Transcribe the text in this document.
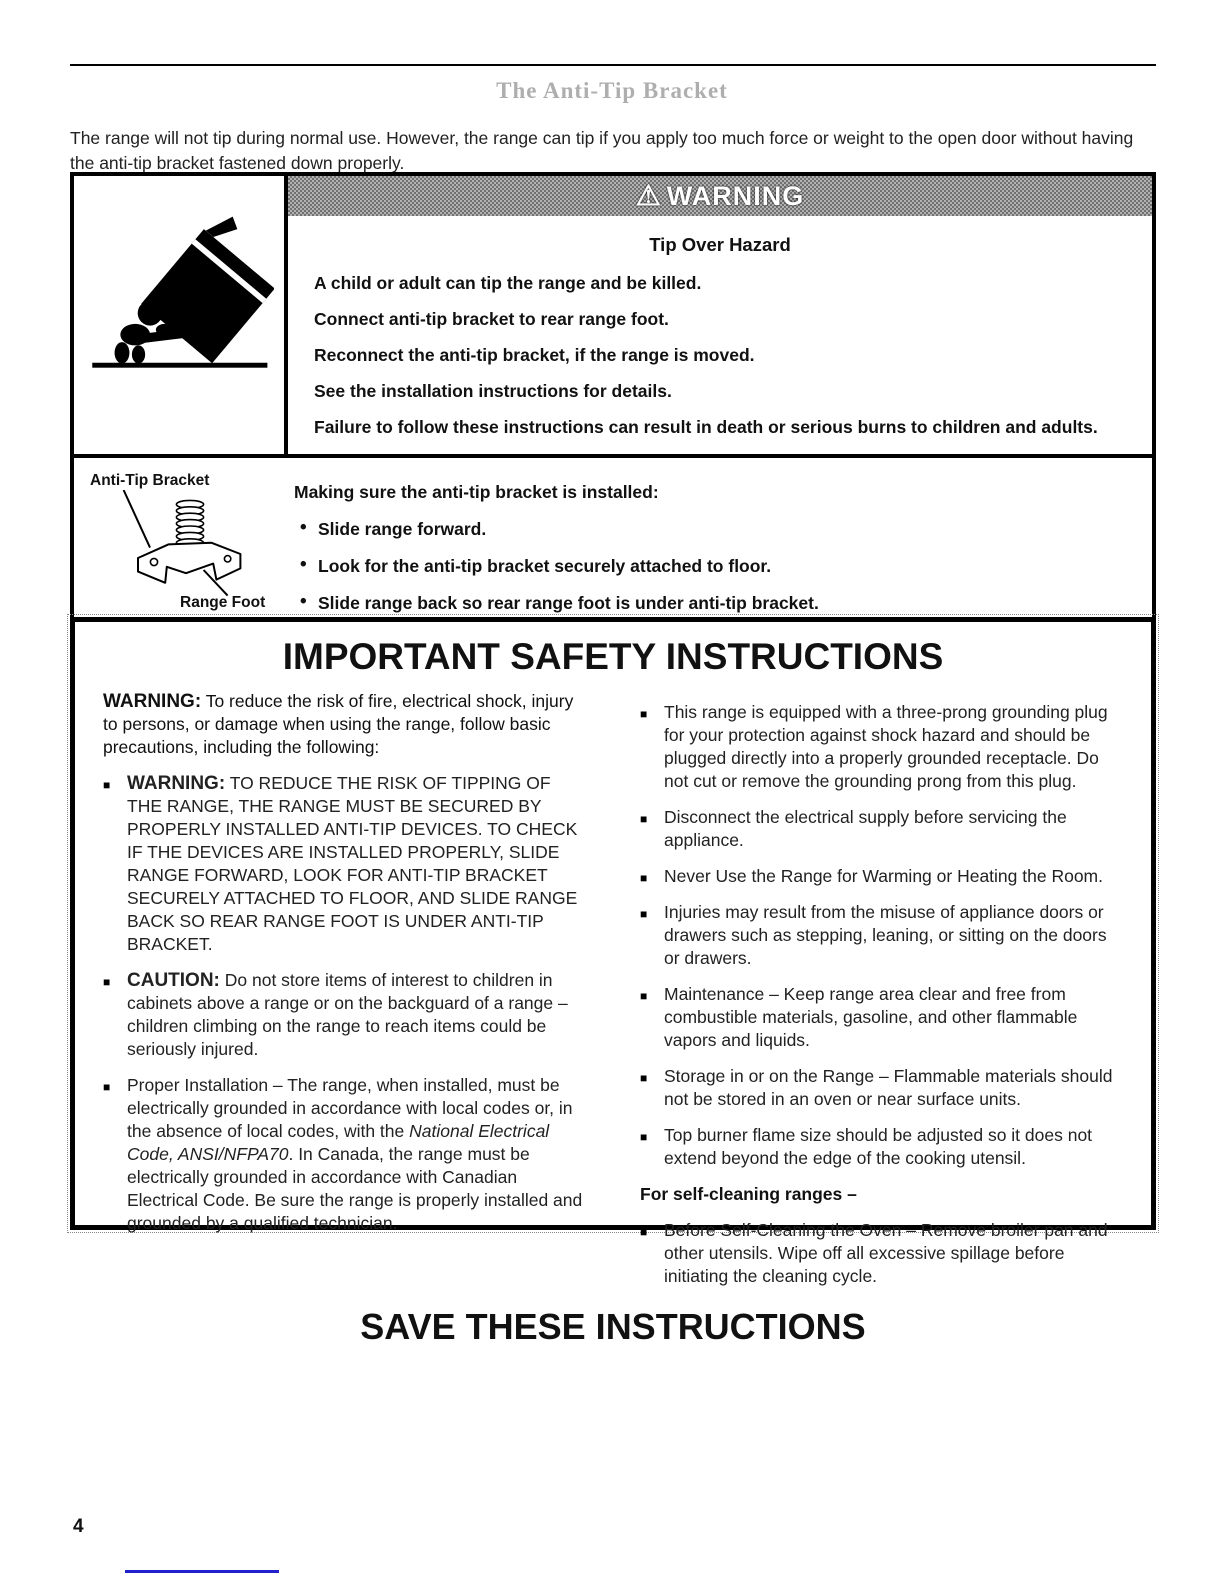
The Anti-Tip Bracket

The range will not tip during normal use. However, the range can tip if you apply too much force or weight to the open door without having the anti-tip bracket fastened down properly.

⚠ WARNING
Tip Over Hazard

A child or adult can tip the range and be killed.

Connect anti-tip bracket to rear range foot.

Reconnect the anti-tip bracket, if the range is moved.

See the installation instructions for details.

Failure to follow these instructions can result in death or serious burns to children and adults.

Anti-Tip Bracket
Range Foot
Making sure the anti-tip bracket is installed:
• Slide range forward.
• Look for the anti-tip bracket securely attached to floor.
• Slide range back so rear range foot is under anti-tip bracket.
IMPORTANT SAFETY INSTRUCTIONS

WARNING: To reduce the risk of fire, electrical shock, injury to persons, or damage when using the range, follow basic precautions, including the following:

■ WARNING: TO REDUCE THE RISK OF TIPPING OF THE RANGE, THE RANGE MUST BE SECURED BY PROPERLY INSTALLED ANTI-TIP DEVICES. TO CHECK IF THE DEVICES ARE INSTALLED PROPERLY, SLIDE RANGE FORWARD, LOOK FOR ANTI-TIP BRACKET SECURELY ATTACHED TO FLOOR, AND SLIDE RANGE BACK SO REAR RANGE FOOT IS UNDER ANTI-TIP BRACKET.
■ CAUTION: Do not store items of interest to children in cabinets above a range or on the backguard of a range – children climbing on the range to reach items could be seriously injured.
■ Proper Installation – The range, when installed, must be electrically grounded in accordance with local codes or, in the absence of local codes, with the National Electrical Code, ANSI/NFPA70. In Canada, the range must be electrically grounded in accordance with Canadian Electrical Code. Be sure the range is properly installed and grounded by a qualified technician.
■ This range is equipped with a three-prong grounding plug for your protection against shock hazard and should be plugged directly into a properly grounded receptacle. Do not cut or remove the grounding prong from this plug.
■ Disconnect the electrical supply before servicing the appliance.
■ Never Use the Range for Warming or Heating the Room.
■ Injuries may result from the misuse of appliance doors or drawers such as stepping, leaning, or sitting on the doors or drawers.
■ Maintenance – Keep range area clear and free from combustible materials, gasoline, and other flammable vapors and liquids.
■ Storage in or on the Range – Flammable materials should not be stored in an oven or near surface units.
■ Top burner flame size should be adjusted so it does not extend beyond the edge of the cooking utensil.
For self-cleaning ranges –
■ Before Self-Cleaning the Oven – Remove broiler pan and other utensils. Wipe off all excessive spillage before initiating the cleaning cycle.
SAVE THESE INSTRUCTIONS
4
